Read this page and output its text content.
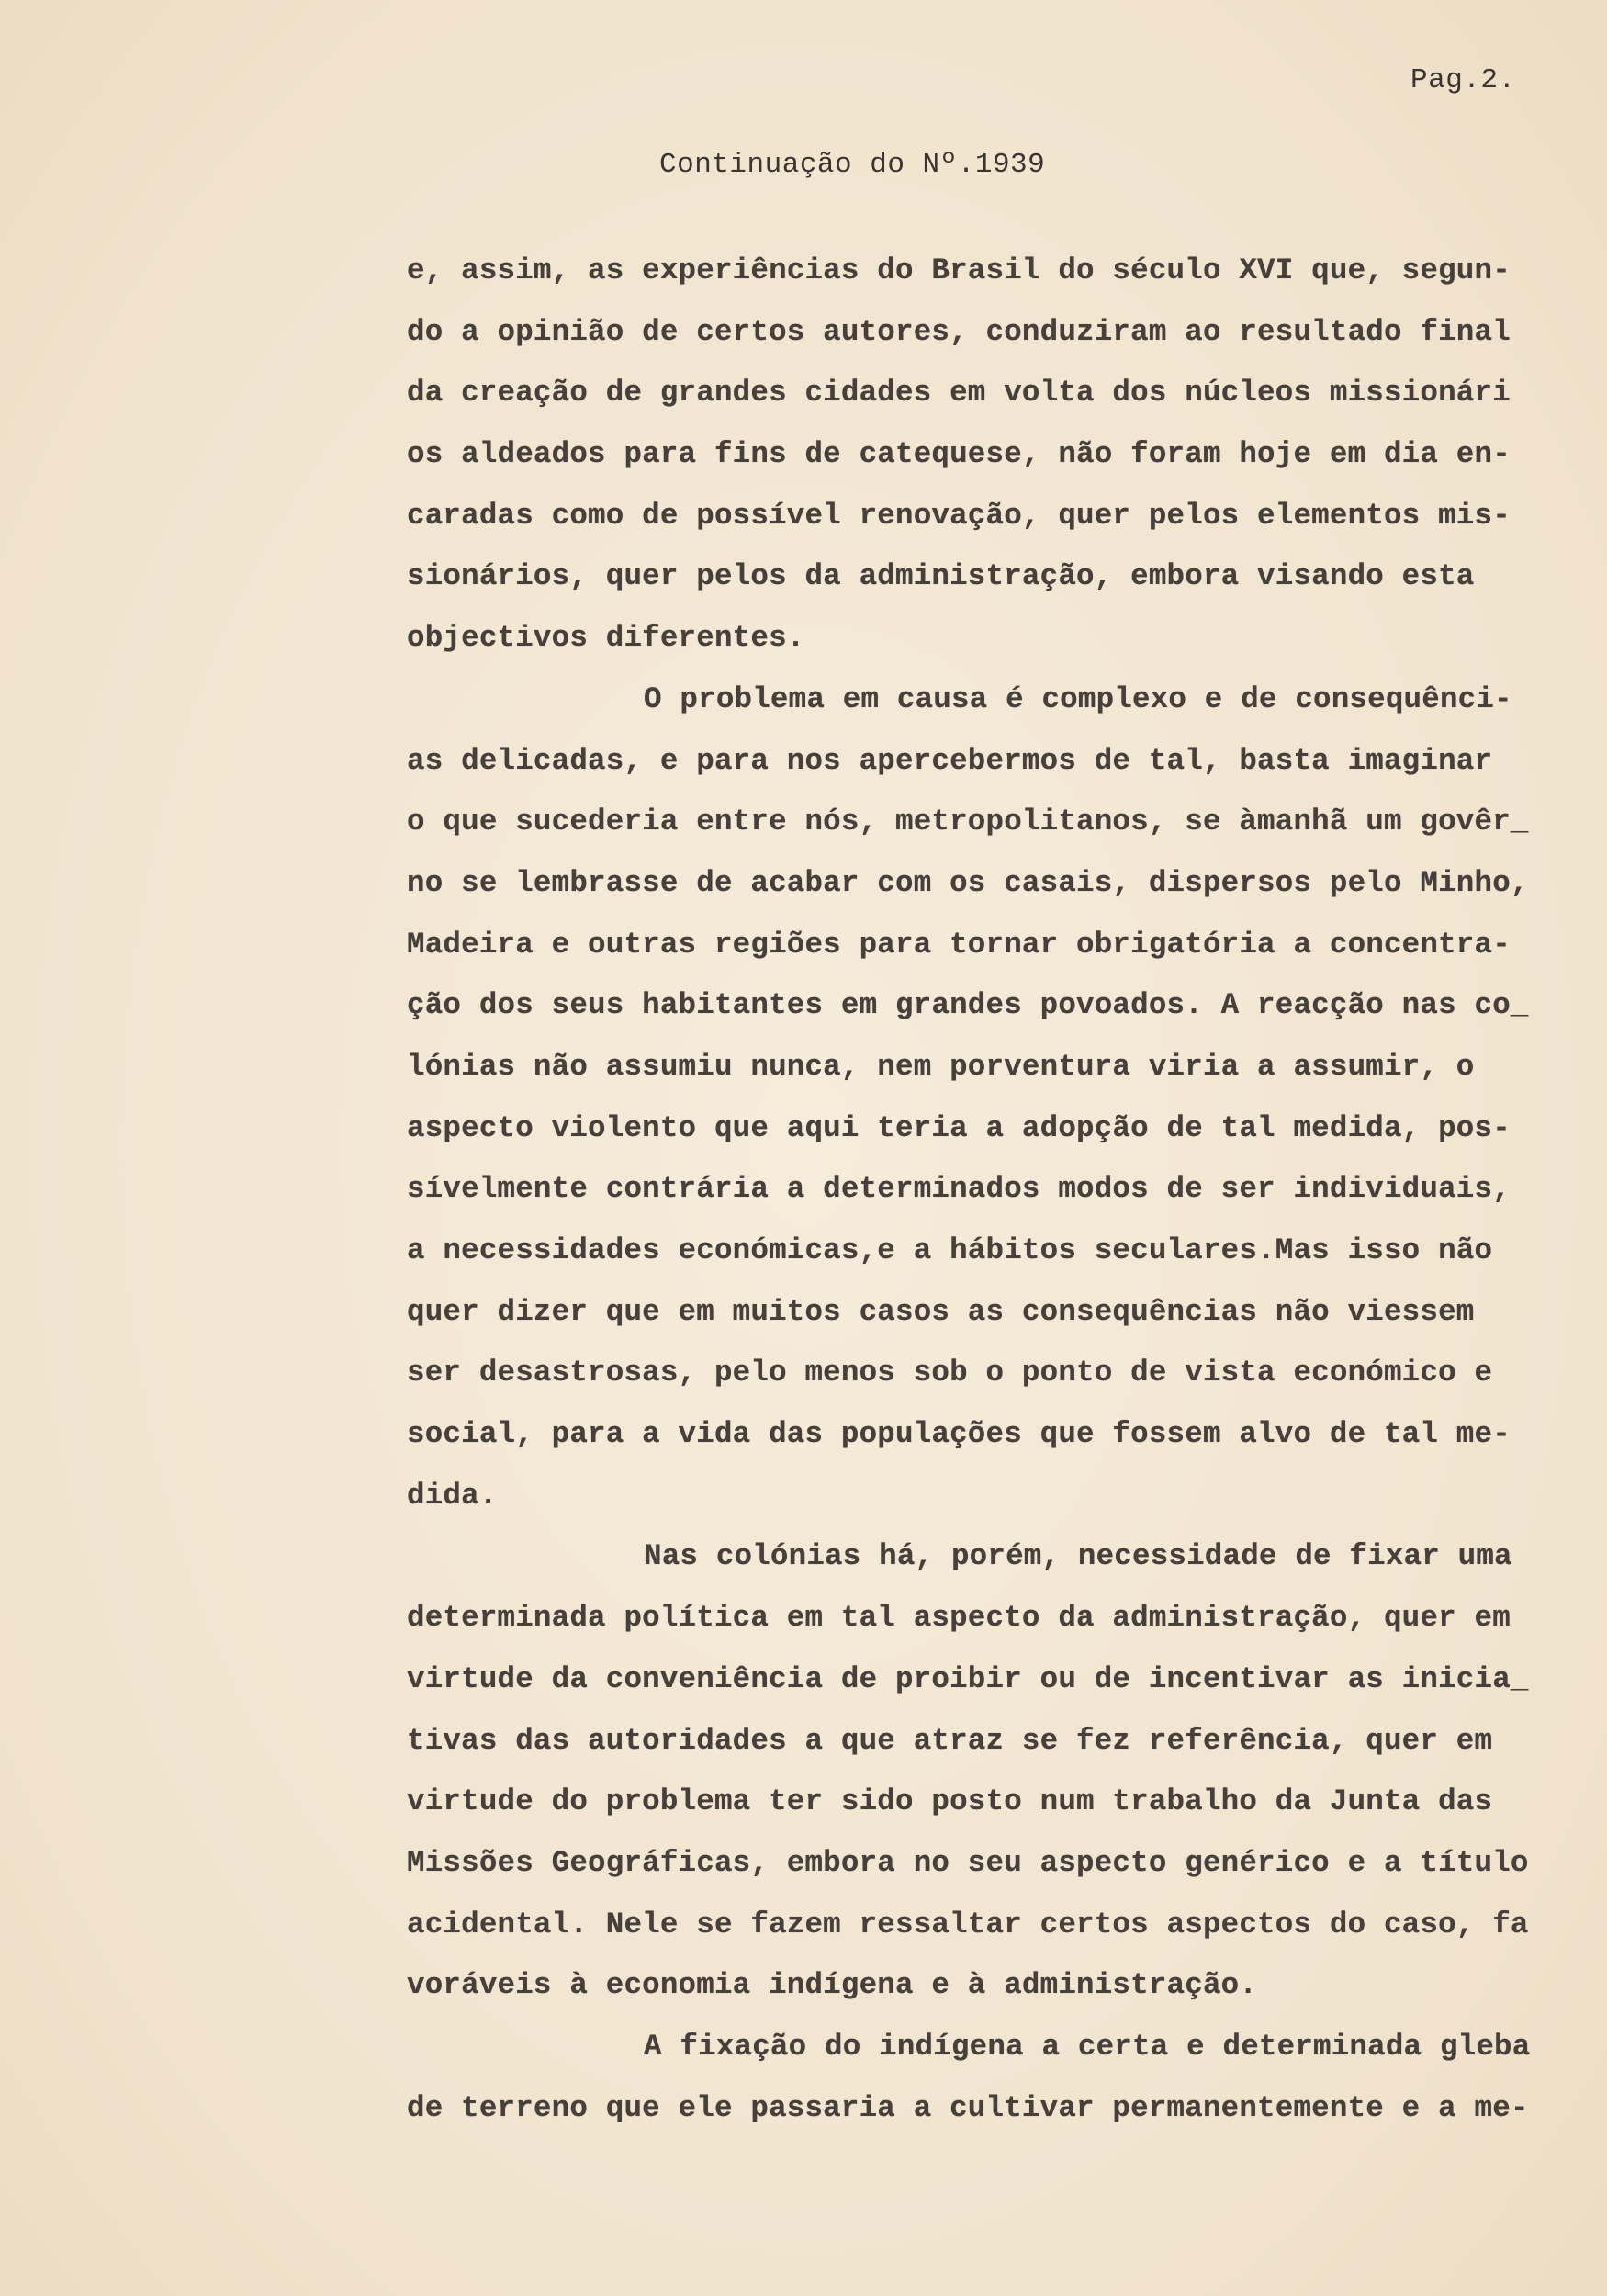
Pag.2.
Continuação do Nº.1939
e, assim, as experiências do Brasil do século XVI que, segun-
do a opinião de certos autores, conduziram ao resultado final
da creação de grandes cidades em volta dos núcleos missionári
os aldeados para fins de catequese, não foram hoje em dia en-
caradas como de possível renovação, quer pelos elementos mis-
sionários, quer pelos da administração, embora visando esta
objectivos diferentes.
O problema em causa é complexo e de consequênci-
as delicadas, e para nos apercebermos de tal, basta imaginar
o que sucederia entre nós, metropolitanos, se àmanhã um govêr_
no se lembrasse de acabar com os casais, dispersos pelo Minho,
Madeira e outras regiões para tornar obrigatória a concentra-
ção dos seus habitantes em grandes povoados. A reacção nas co_
lónias não assumiu nunca, nem porventura viria a assumir, o
aspecto violento que aqui teria a adopção de tal medida, pos-
sívelmente contrária a determinados modos de ser individuais,
a necessidades económicas,e a hábitos seculares.Mas isso não
quer dizer que em muitos casos as consequências não viessem
ser desastrosas, pelo menos sob o ponto de vista económico e
social, para a vida das populações que fossem alvo de tal me-
dida.
Nas colónias há, porém, necessidade de fixar uma
determinada política em tal aspecto da administração, quer em
virtude da conveniência de proibir ou de incentivar as inicia_
tivas das autoridades a que atraz se fez referência, quer em
virtude do problema ter sido posto num trabalho da Junta das
Missões Geográficas, embora no seu aspecto genérico e a título
acidental. Nele se fazem ressaltar certos aspectos do caso, fa
voráveis à economia indígena e à administração.
A fixação do indígena a certa e determinada gleba
de terreno que ele passaria a cultivar permanentemente e a me-
